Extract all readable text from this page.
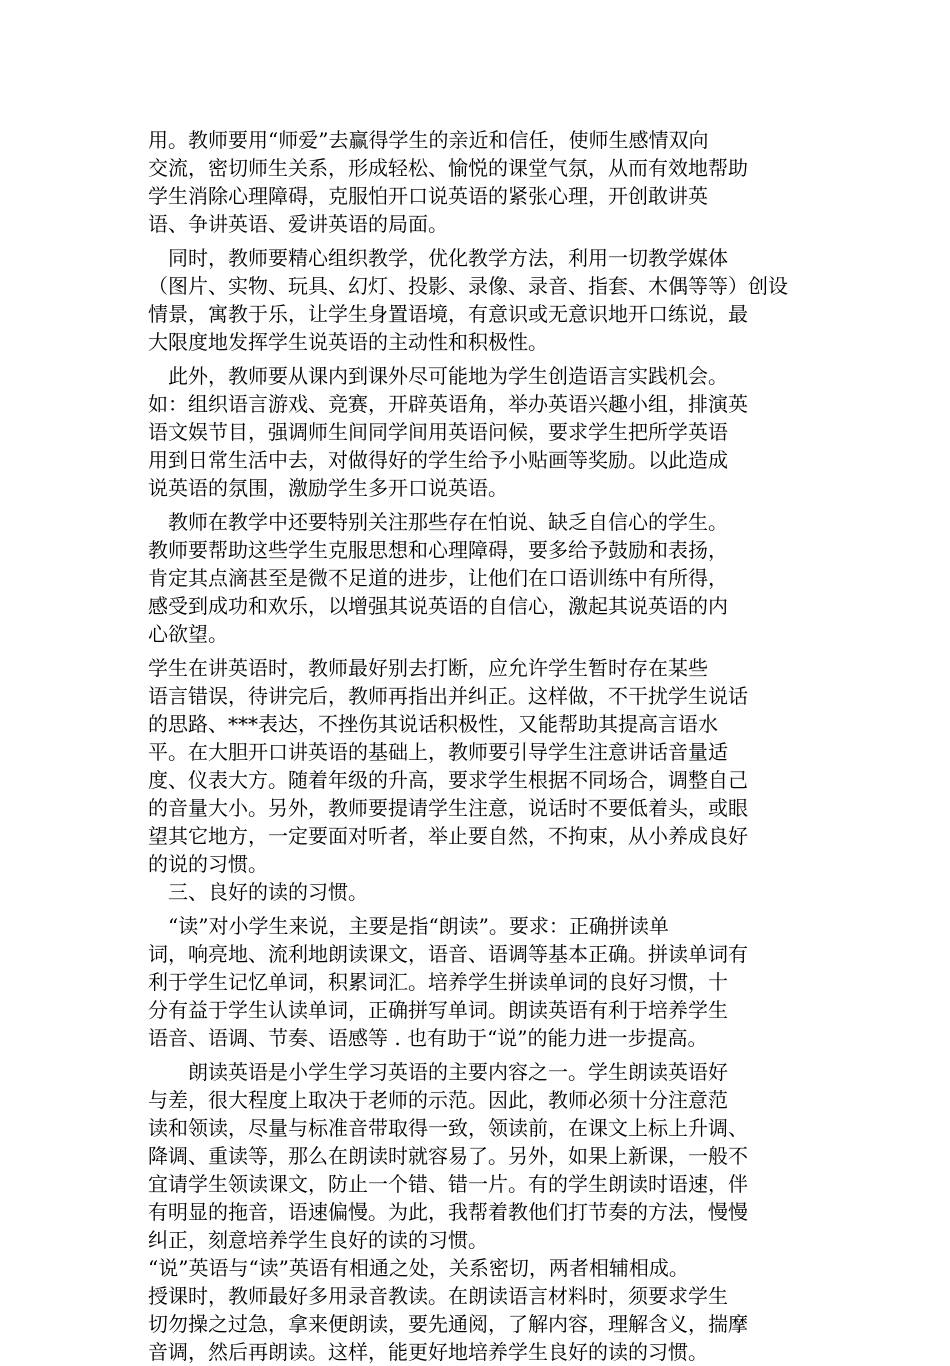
用。教师要用“师爱”去赢得学生的亲近和信任，使师生感情双向
交流，密切师生关系，形成轻松、愉悦的课堂气氛，从而有效地帮助
学生消除心理障碍，克服怕开口说英语的紧张心理，开创敢讲英
语、争讲英语、爱讲英语的局面。

　同时，教师要精心组织教学，优化教学方法，利用一切教学媒体
（图片、实物、玩具、幻灯、投影、录像、录音、指套、木偶等等）创设
情景，寓教于乐，让学生身置语境，有意识或无意识地开口练说，最
大限度地发挥学生说英语的主动性和积极性。

　此外，教师要从课内到课外尽可能地为学生创造语言实践机会。
如：组织语言游戏、竞赛，开辟英语角，举办英语兴趣小组，排演英
语文娱节目，强调师生间同学间用英语问候，要求学生把所学英语
用到日常生活中去，对做得好的学生给予小贴画等奖励。以此造成
说英语的氛围，激励学生多开口说英语。

　教师在教学中还要特别关注那些存在怕说、缺乏自信心的学生。
教师要帮助这些学生克服思想和心理障碍，要多给予鼓励和表扬，
肯定其点滴甚至是微不足道的进步，让他们在口语训练中有所得，
感受到成功和欢乐，以增强其说英语的自信心，激起其说英语的内
心欲望。

学生在讲英语时，教师最好别去打断，应允许学生暂时存在某些
语言错误，待讲完后，教师再指出并纠正。这样做，不干扰学生说话
的思路、***表达，不挫伤其说话积极性，又能帮助其提高言语水
平。在大胆开口讲英语的基础上，教师要引导学生注意讲话音量适
度、仪表大方。随着年级的升高，要求学生根据不同场合，调整自己
的音量大小。另外，教师要提请学生注意，说话时不要低着头，或眼
望其它地方，一定要面对听者，举止要自然，不拘束，从小养成良好
的说的习惯。

　三、良好的读的习惯。

　“读”对小学生来说，主要是指“朗读”。要求：正确拼读单
词，响亮地、流利地朗读课文，语音、语调等基本正确。拼读单词有
利于学生记忆单词，积累词汇。培养学生拼读单词的良好习惯，十
分有益于学生认读单词，正确拼写单词。朗读英语有利于培养学生
语音、语调、节奏、语感等 . 也有助于“说”的能力进一步提高。

　　朗读英语是小学生学习英语的主要内容之一。学生朗读英语好
与差，很大程度上取决于老师的示范。因此，教师必须十分注意范
读和领读，尽量与标准音带取得一致，领读前，在课文上标上升调、
降调、重读等，那么在朗读时就容易了。另外，如果上新课，一般不
宜请学生领读课文，防止一个错、错一片。有的学生朗读时语速，伴
有明显的拖音，语速偏慢。为此，我帮着教他们打节奏的方法，慢慢
纠正，刻意培养学生良好的读的习惯。

“说”英语与“读”英语有相通之处，关系密切，两者相辅相成。
授课时，教师最好多用录音教读。在朗读语言材料时，须要求学生
切勿操之过急，拿来便朗读，要先通阅，了解内容，理解含义，揣摩
音调，然后再朗读。这样，能更好地培养学生良好的读的习惯。
